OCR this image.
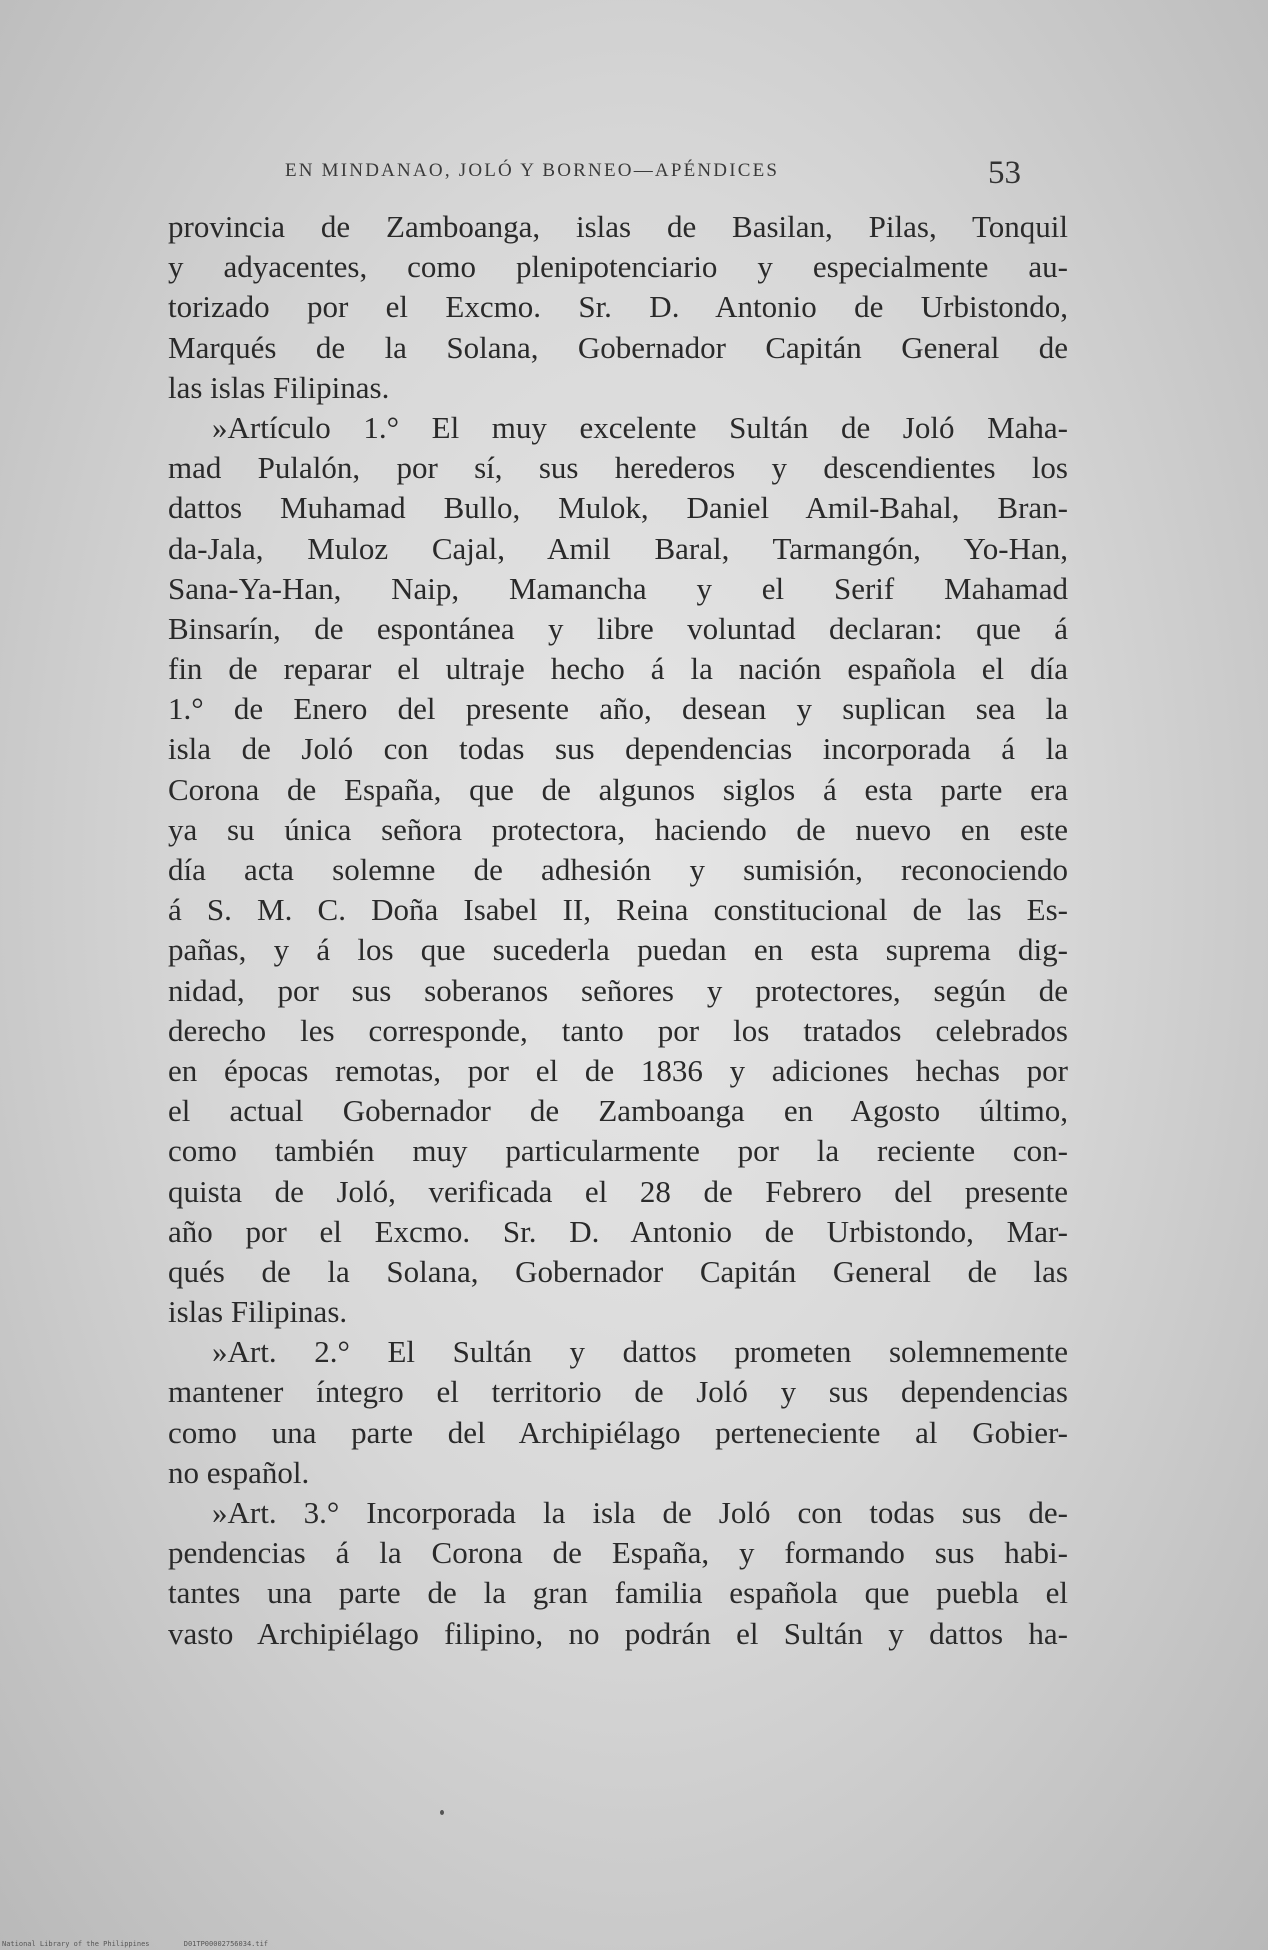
EN MINDANAO, JOLÓ Y BORNEO—APÉNDICES	53
provincia de Zamboanga, islas de Basilan, Pilas, Tonquil
y adyacentes, como plenipotenciario y especialmente au-
torizado por el Excmo. Sr. D. Antonio de Urbistondo,
Marqués de la Solana, Gobernador Capitán General de
las islas Filipinas.
»Artículo 1.° El muy excelente Sultán de Joló Maha-
mad Pulalón, por sí, sus herederos y descendientes los
dattos Muhamad Bullo, Mulok, Daniel Amil-Bahal, Bran-
da-Jala, Muloz Cajal, Amil Baral, Tarmangón, Yo-Han,
Sana-Ya-Han, Naip, Mamancha y el Serif Mahamad
Binsarín, de espontánea y libre voluntad declaran: que á
fin de reparar el ultraje hecho á la nación española el día
1.° de Enero del presente año, desean y suplican sea la
isla de Joló con todas sus dependencias incorporada á la
Corona de España, que de algunos siglos á esta parte era
ya su única señora protectora, haciendo de nuevo en este
día acta solemne de adhesión y sumisión, reconociendo
á S. M. C. Doña Isabel II, Reina constitucional de las Es-
pañas, y á los que sucederla puedan en esta suprema dig-
nidad, por sus soberanos señores y protectores, según de
derecho les corresponde, tanto por los tratados celebrados
en épocas remotas, por el de 1836 y adiciones hechas por
el actual Gobernador de Zamboanga en Agosto último,
como también muy particularmente por la reciente con-
quista de Joló, verificada el 28 de Febrero del presente
año por el Excmo. Sr. D. Antonio de Urbistondo, Mar-
qués de la Solana, Gobernador Capitán General de las
islas Filipinas.
»Art. 2.° El Sultán y dattos prometen solemnemente
mantener íntegro el territorio de Joló y sus dependencias
como una parte del Archipiélago perteneciente al Gobier-
no español.
»Art. 3.° Incorporada la isla de Joló con todas sus de-
pendencias á la Corona de España, y formando sus habi-
tantes una parte de la gran familia española que puebla el
vasto Archipiélago filipino, no podrán el Sultán y dattos ha-
National Library of the Philippines	D01TP00002756034.tif
